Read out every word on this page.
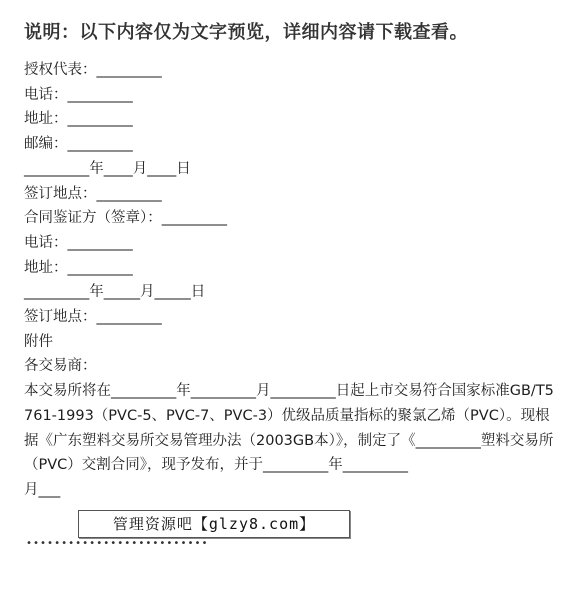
说明：以下内容仅为文字预览，详细内容请下载查看。
授权代表：_________
电话：_________
地址：_________
邮编：_________
_________年____月____日
签订地点：_________
合同鉴证方（签章）：_________
电话：_________
地址：_________
_________年_____月_____日
签订地点：_________
附件
各交易商：
本交易所将在_________年_________月_________日起上市交易符合国家标准GB/T5761-1993（PVC-5、PVC-7、PVC-3）优级品质量指标的聚氯乙烯（PVC）。现根据《广东塑料交易所交易管理办法（2003GB本）》，制定了《_________塑料交易所（PVC）交割合同》，现予发布，并于_________年_________
月___
管理资源吧【glzy8.com】
••••••••••••••••••••••••••
